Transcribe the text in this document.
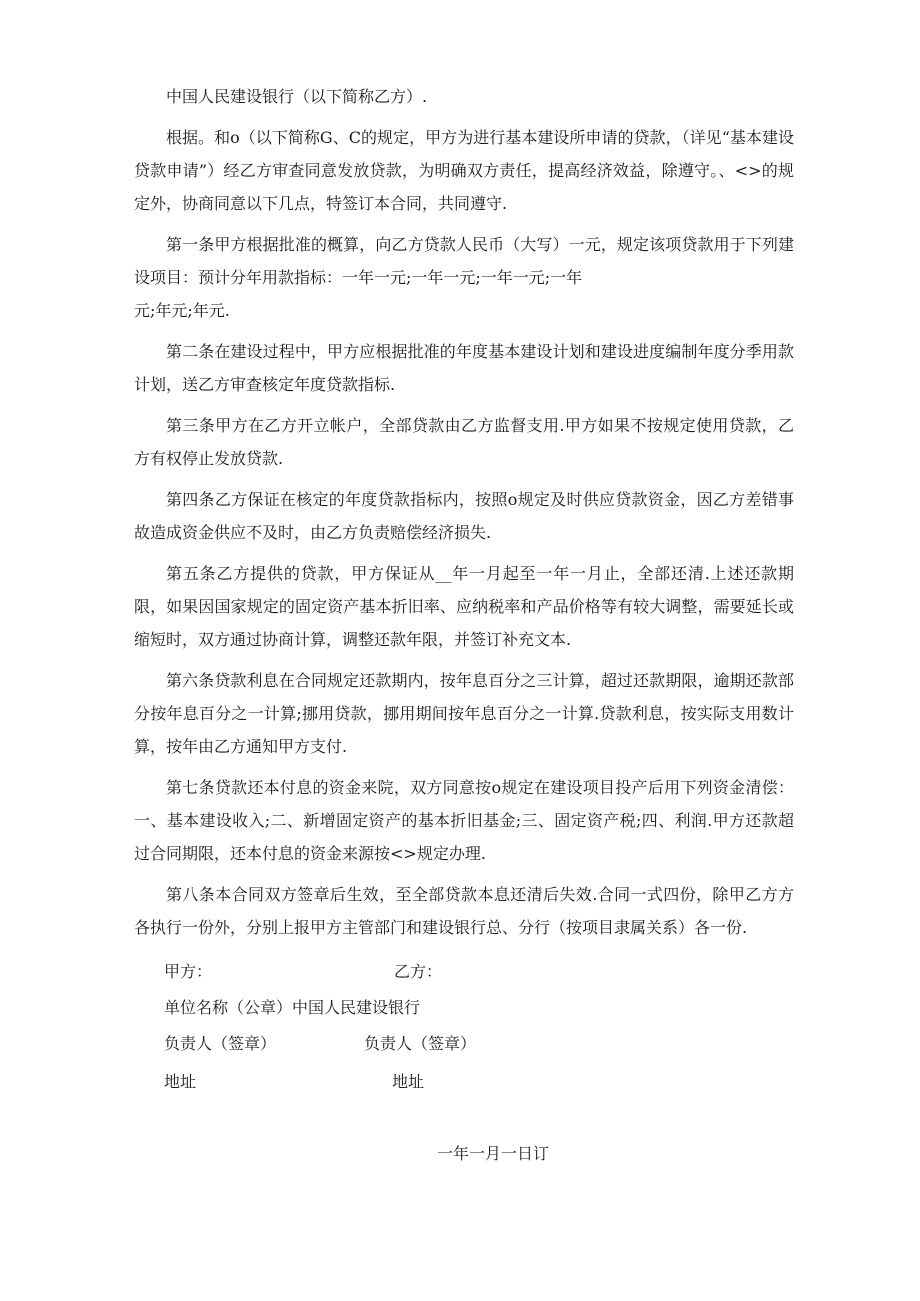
中国人民建设银行（以下简称乙方）.

根据。和ο（以下简称G、C的规定，甲方为进行基本建设所申请的贷款，（详见“基本建设贷款申请”）经乙方审查同意发放贷款，为明确双方责任，提高经济效益，除遵守。、<>的规定外，协商同意以下几点，特签订本合同，共同遵守.

第一条甲方根据批准的概算，向乙方贷款人民币（大写）一元，规定该项贷款用于下列建设项目：预计分年用款指标：一年一元;一年一元;一年一元;一年

元;年元;年元.

第二条在建设过程中，甲方应根据批准的年度基本建设计划和建设进度编制年度分季用款计划，送乙方审查核定年度贷款指标.

第三条甲方在乙方开立帐户，全部贷款由乙方监督支用.甲方如果不按规定使用贷款，乙方有权停止发放贷款.

第四条乙方保证在核定的年度贷款指标内，按照ο规定及时供应贷款资金，因乙方差错事故造成资金供应不及时，由乙方负责赔偿经济损失.

第五条乙方提供的贷款，甲方保证从__年一月起至一年一月止，全部还清.上述还款期限，如果因国家规定的固定资产基本折旧率、应纳税率和产品价格等有较大调整，需要延长或缩短时，双方通过协商计算，调整还款年限，并签订补充文本.

第六条贷款利息在合同规定还款期内，按年息百分之三计算，超过还款期限，逾期还款部分按年息百分之一计算;挪用贷款，挪用期间按年息百分之一计算.贷款利息，按实际支用数计算，按年由乙方通知甲方支付.

第七条贷款还本付息的资金来院，双方同意按ο规定在建设项目投产后用下列资金清偿：一、基本建设收入;二、新增固定资产的基本折旧基金;三、固定资产税;四、利润.甲方还款超过合同期限，还本付息的资金来源按<>规定办理.

第八条本合同双方签章后生效，至全部贷款本息还清后失效.合同一式四份，除甲乙方方各执行一份外，分别上报甲方主管部门和建设银行总、分行（按项目隶属关系）各一份.

甲方：	乙方：
单位名称（公章）中国人民建设银行
负责人（签章）	负责人（签章）
地址	地址
一年一月一日订
